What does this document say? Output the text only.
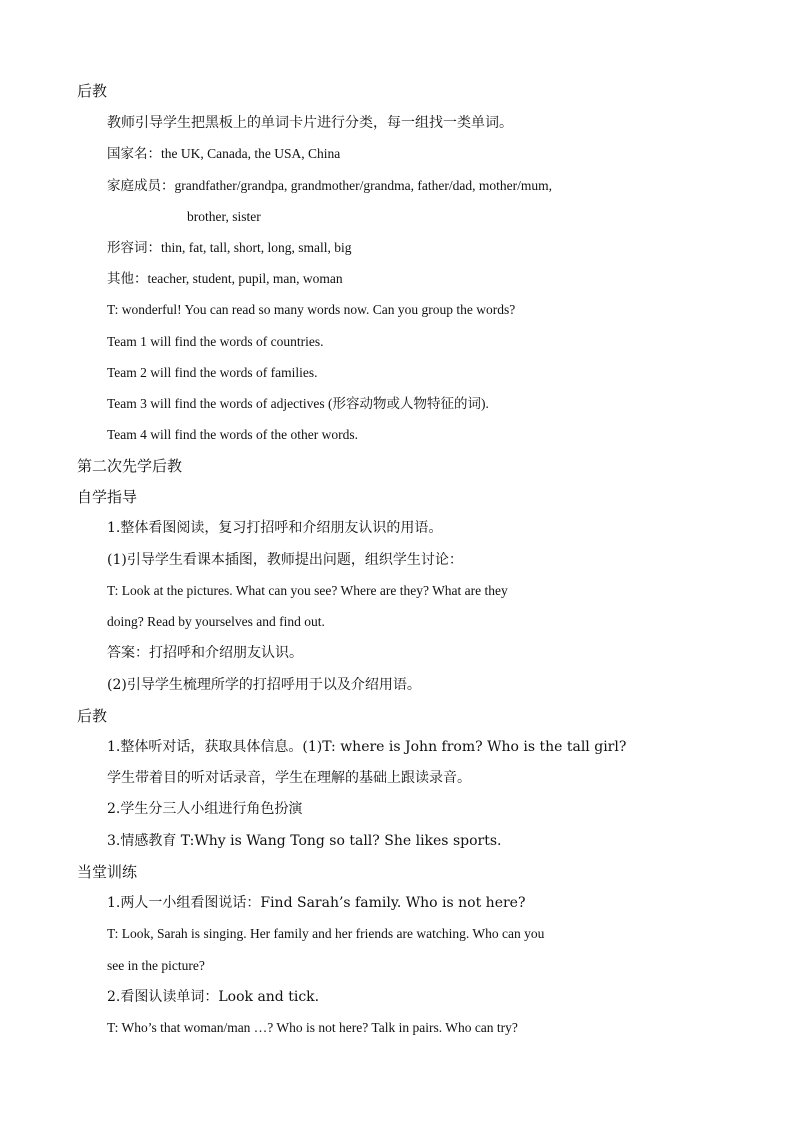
后教
教师引导学生把黑板上的单词卡片进行分类，每一组找一类单词。
国家名：the UK, Canada, the USA, China
家庭成员：grandfather/grandpa, grandmother/grandma, father/dad, mother/mum,
brother, sister
形容词：thin, fat, tall, short, long, small, big
其他：teacher, student, pupil, man, woman
T: wonderful! You can read so many words now. Can you group the words?
Team 1 will find the words of countries.
Team 2 will find the words of families.
Team 3 will find the words of adjectives (形容动物或人物特征的词).
Team 4 will find the words of the other words.
第二次先学后教
自学指导
1.整体看图阅读，复习打招呼和介绍朋友认识的用语。
(1)引导学生看课本插图，教师提出问题，组织学生讨论：
T: Look at the pictures. What can you see? Where are they? What are they
doing? Read by yourselves and find out.
答案：打招呼和介绍朋友认识。
(2)引导学生梳理所学的打招呼用于以及介绍用语。
后教
1.整体听对话，获取具体信息。(1)T: where is John from? Who is the tall girl?
学生带着目的听对话录音，学生在理解的基础上跟读录音。
2.学生分三人小组进行角色扮演
3.情感教育 T:Why is Wang Tong so tall? She likes sports.
当堂训练
1.两人一小组看图说话：Find Sarah’s family. Who is not here?
T: Look, Sarah is singing. Her family and her friends are watching. Who can you
see in the picture?
2.看图认读单词：Look and tick.
T: Who’s that woman/man …? Who is not here? Talk in pairs. Who can try?
